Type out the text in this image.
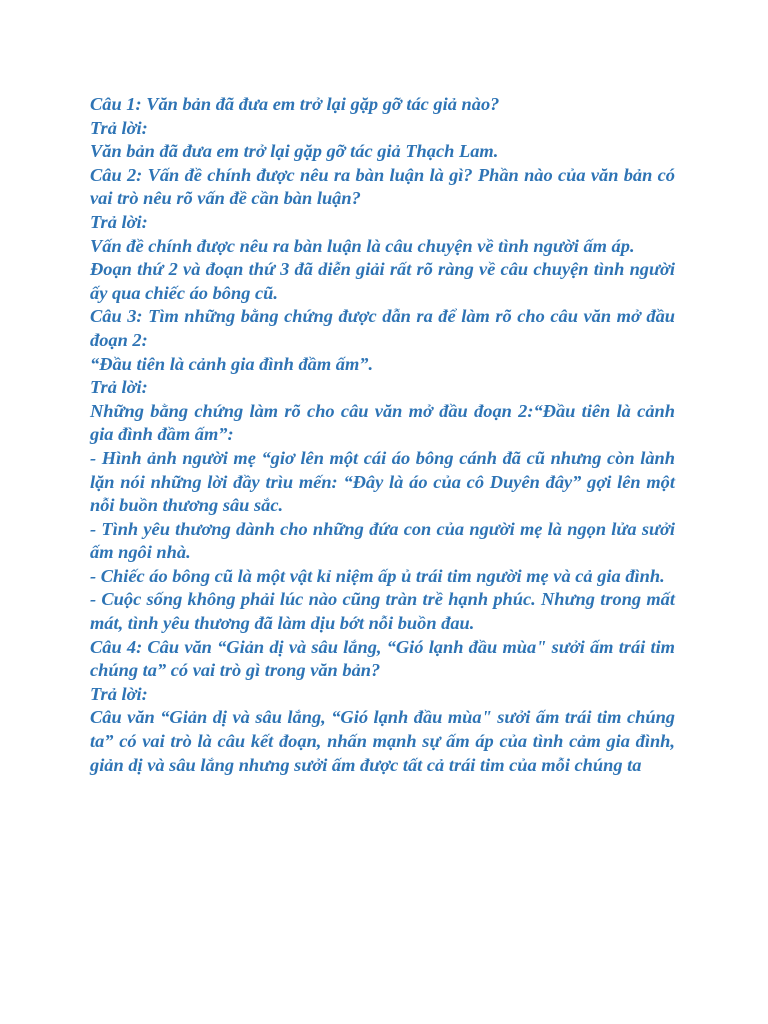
Câu 1: Văn bản đã đưa em trở lại gặp gỡ tác giả nào?

Trả lời:

Văn bản đã đưa em trở lại gặp gỡ tác giả Thạch Lam.

Câu 2: Vấn đề chính được nêu ra bàn luận là gì? Phần nào của văn bản có vai trò nêu rõ vấn đề cần bàn luận?

Trả lời:

Vấn đề chính được nêu ra bàn luận là câu chuyện về tình người ấm áp.

Đoạn thứ 2 và đoạn thứ 3 đã diễn giải rất rõ ràng về câu chuyện tình người ấy qua chiếc áo bông cũ.

Câu 3: Tìm những bằng chứng được dẫn ra để làm rõ cho câu văn mở đầu đoạn 2:

“Đầu tiên là cảnh gia đình đầm ấm”.

Trả lời:

Những bằng chứng làm rõ cho câu văn mở đầu đoạn 2:“Đầu tiên là cảnh gia đình đầm ấm”:

- Hình ảnh người mẹ “giơ lên một cái áo bông cánh đã cũ nhưng còn lành lặn nói những lời đầy trìu mến: “Đây là áo của cô Duyên đây” gợi lên một nỗi buồn thương sâu sắc.

- Tình yêu thương dành cho những đứa con của người mẹ là ngọn lửa sưởi ấm ngôi nhà.

- Chiếc áo bông cũ là một vật kỉ niệm ấp ủ trái tim người mẹ và cả gia đình.

- Cuộc sống không phải lúc nào cũng tràn trề hạnh phúc. Nhưng trong mất mát, tình yêu thương đã làm dịu bớt nỗi buồn đau.

Câu 4: Câu văn “Giản dị và sâu lắng, “Gió lạnh đầu mùa" sưởi ấm trái tim chúng ta” có vai trò gì trong văn bản?

Trả lời:

Câu văn “Giản dị và sâu lắng, “Gió lạnh đầu mùa" sưởi ấm trái tim chúng ta” có vai trò là câu kết đoạn, nhấn mạnh sự ấm áp của tình cảm gia đình, giản dị và sâu lắng nhưng sưởi ấm được tất cả trái tim của mỗi chúng ta
